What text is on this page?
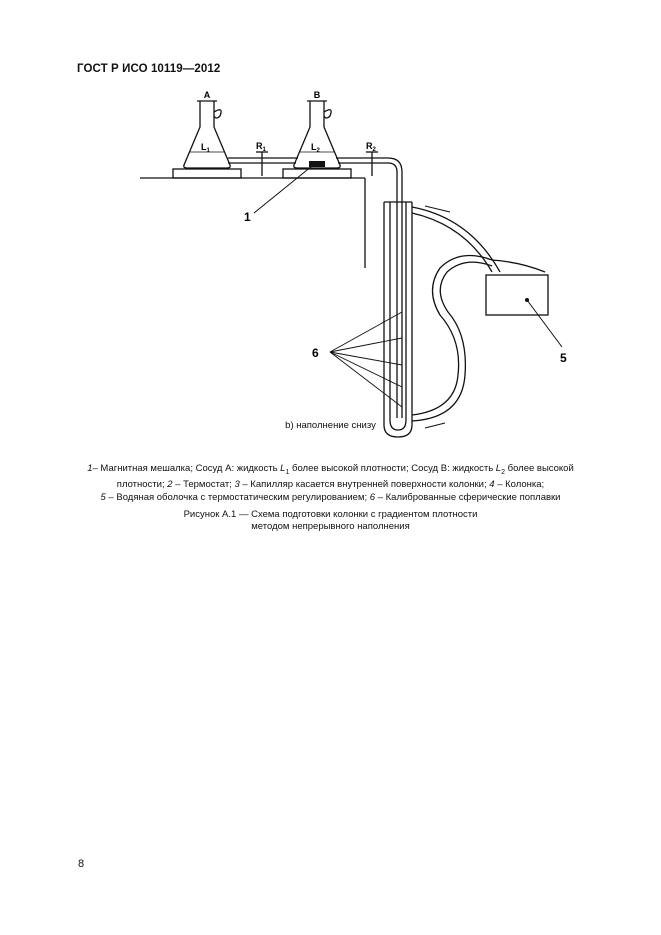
ГОСТ Р ИСО 10119—2012
A	B
$L_1$	$L_2$
$R_1$	$R_2$
1
6	5
b) наполнение снизу
1– Магнитная мешалка; Сосуд А: жидкость $L_1$ более высокой плотности; Сосуд В: жидкость $L_2$ более высокой
плотности; 2 – Термостат; 3 – Капилляр касается внутренней поверхности колонки; 4 – Колонка;
5 – Водяная оболочка с термостатическим регулированием; 6 – Калиброванные сферические поплавки
Рисунок А.1 — Схема подготовки колонки с градиентом плотности
методом непрерывного наполнения
8
